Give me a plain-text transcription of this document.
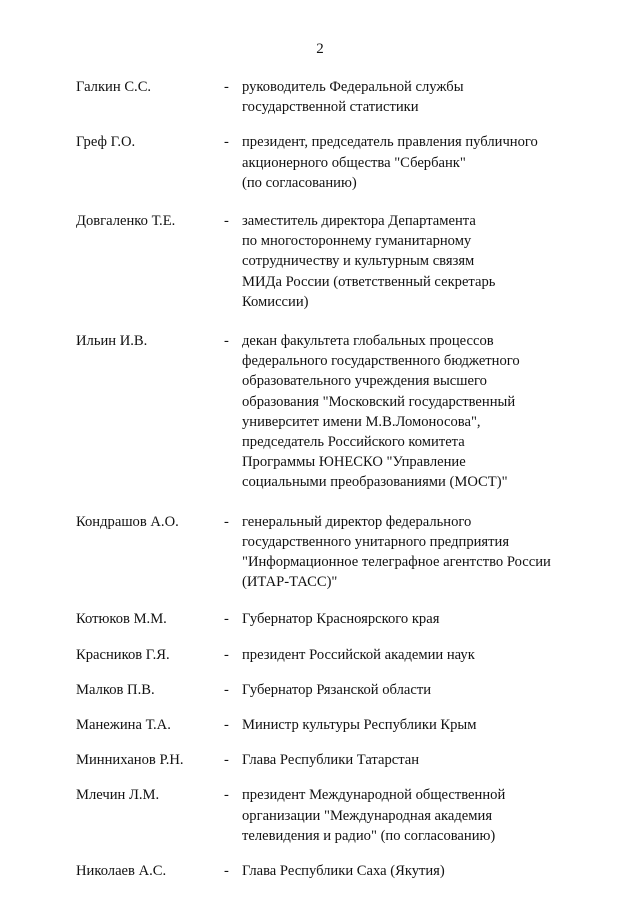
2
Галкин С.С.	- руководитель Федеральной службы
государственной статистики
Греф Г.О.	- президент, председатель правления публичного
акционерного общества "Сбербанк"
(по согласованию)
Довгаленко Т.Е.	- заместитель директора Департамента
по многостороннему гуманитарному
сотрудничеству и культурным связям
МИДа России (ответственный секретарь
Комиссии)
Ильин И.В.	- декан факультета глобальных процессов
федерального государственного бюджетного
образовательного учреждения высшего
образования "Московский государственный
университет имени М.В.Ломоносова",
председатель Российского комитета
Программы ЮНЕСКО "Управление
социальными преобразованиями (МОСТ)"
Кондрашов А.О.	- генеральный директор федерального
государственного унитарного предприятия
"Информационное телеграфное агентство России
(ИТАР-ТАСС)"
Котюков М.М.	- Губернатор Красноярского края
Красников Г.Я.	- президент Российской академии наук
Малков П.В.	- Губернатор Рязанской области
Манежина Т.А.	- Министр культуры Республики Крым
Минниханов Р.Н.	- Глава Республики Татарстан
Млечин Л.М.	- президент Международной общественной
организации "Международная академия
телевидения и радио" (по согласованию)
Николаев А.С.	- Глава Республики Саха (Якутия)
